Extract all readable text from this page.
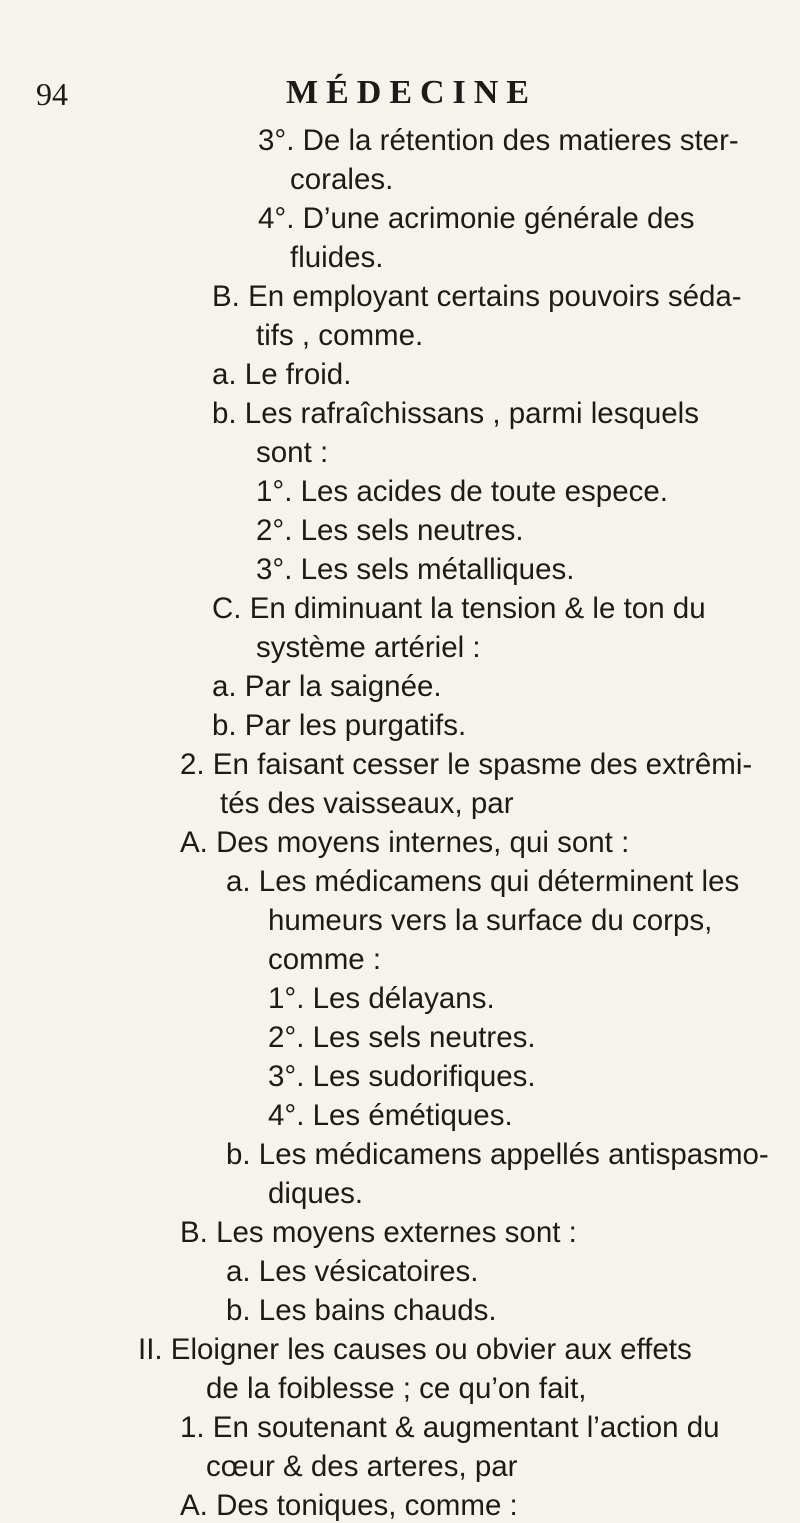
94	MÉDECINE
3°. De la rétention des matieres ster-
corales.
4°. D’une acrimonie générale des
fluides.
B. En employant certains pouvoirs séda-
tifs , comme.
a. Le froid.
b. Les rafraîchissans , parmi lesquels
sont :
1°. Les acides de toute espece.
2°. Les sels neutres.
3°. Les sels métalliques.
C. En diminuant la tension & le ton du
système artériel :
a. Par la saignée.
b. Par les purgatifs.
2. En faisant cesser le spasme des extrêmi-
tés des vaisseaux, par
A. Des moyens internes, qui sont :
a. Les médicamens qui déterminent les
humeurs vers la surface du corps,
comme :
1°. Les délayans.
2°. Les sels neutres.
3°. Les sudorifiques.
4°. Les émétiques.
b. Les médicamens appellés antispasmo-
diques.
B. Les moyens externes sont :
a. Les vésicatoires.
b. Les bains chauds.
II. Eloigner les causes ou obvier aux effets
de la foiblesse ; ce qu’on fait,
1. En soutenant & augmentant l’action du
cœur & des arteres, par
A. Des toniques, comme :
